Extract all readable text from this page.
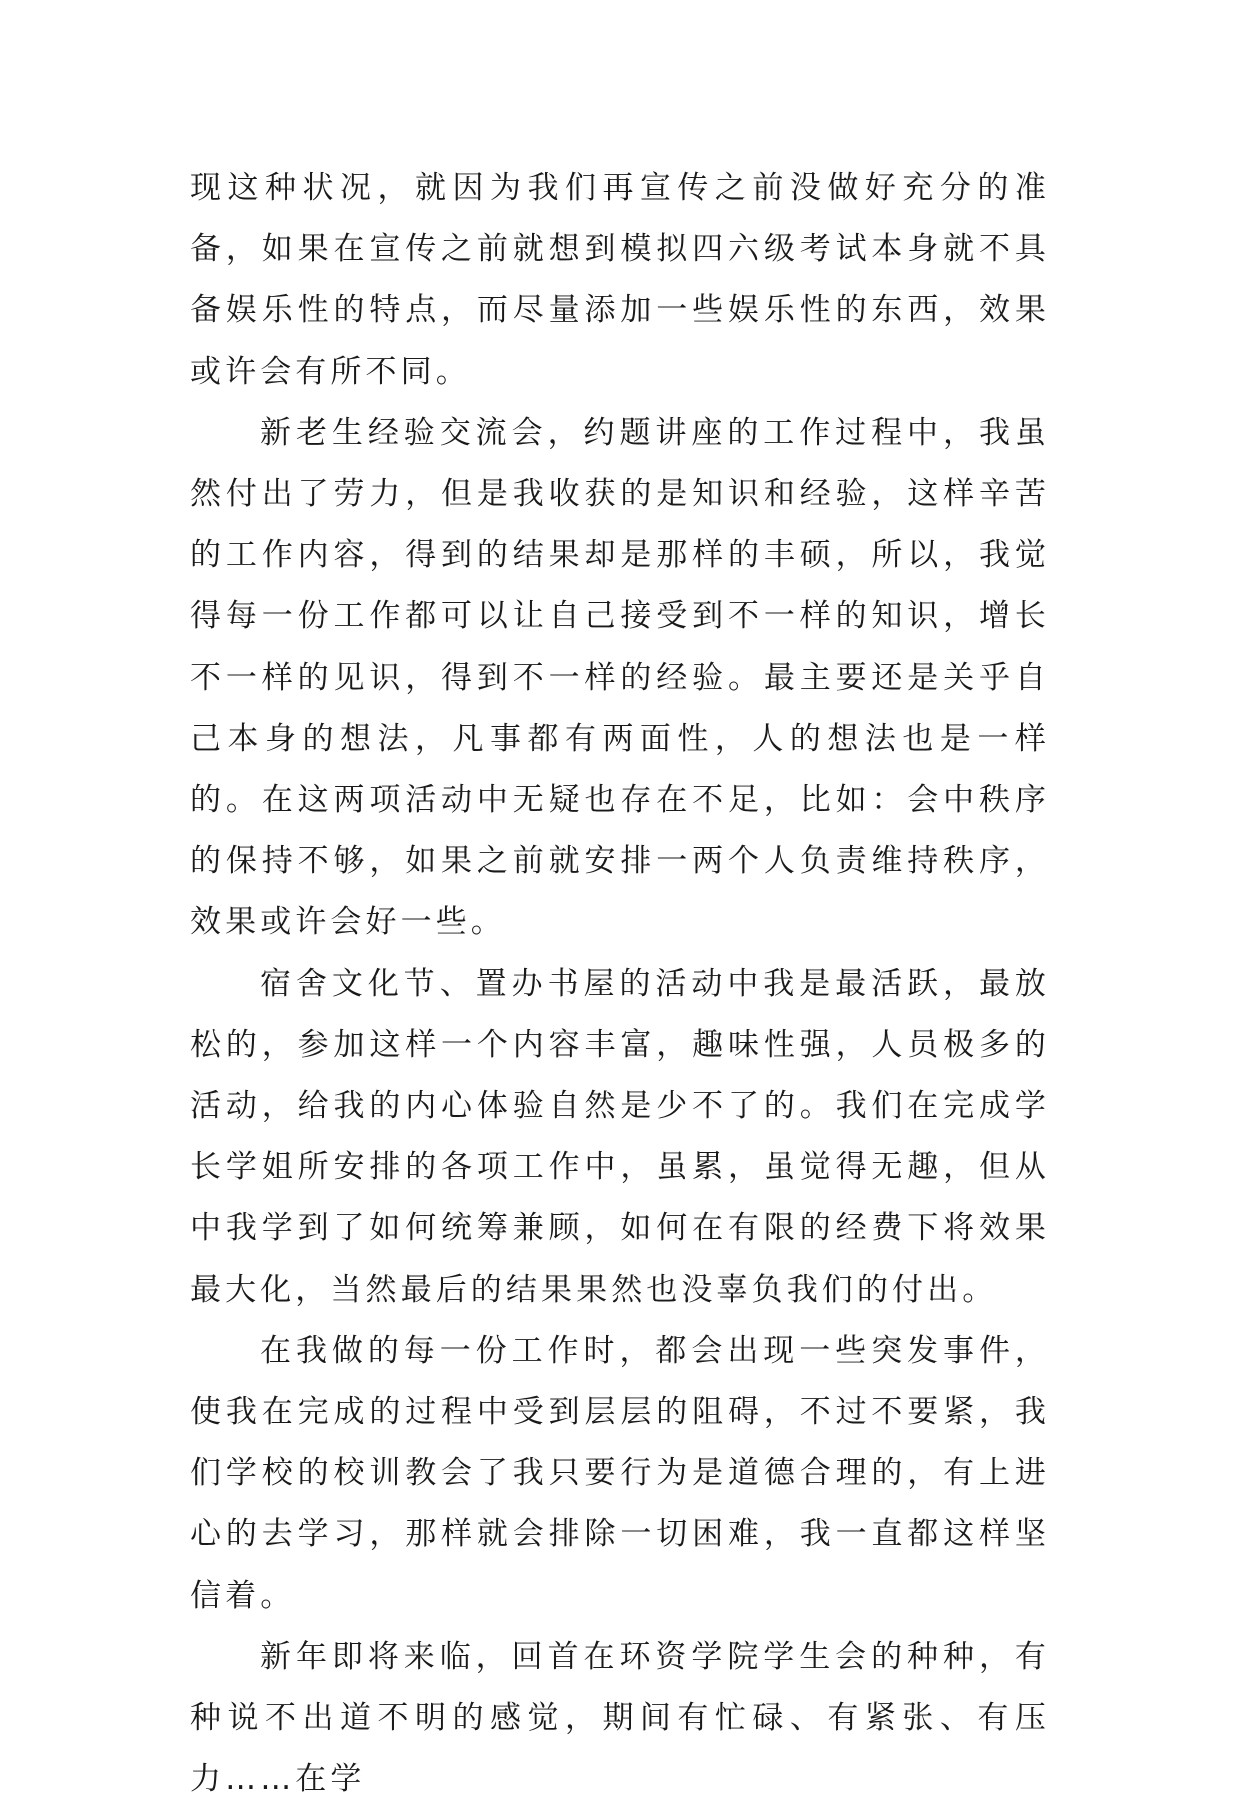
现这种状况，就因为我们再宣传之前没做好充分的准备，如果在宣传之前就想到模拟四六级考试本身就不具备娱乐性的特点，而尽量添加一些娱乐性的东西，效果或许会有所不同。

新老生经验交流会，约题讲座的工作过程中，我虽然付出了劳力，但是我收获的是知识和经验，这样辛苦的工作内容，得到的结果却是那样的丰硕，所以，我觉得每一份工作都可以让自己接受到不一样的知识，增长不一样的见识，得到不一样的经验。最主要还是关乎自己本身的想法，凡事都有两面性，人的想法也是一样的。在这两项活动中无疑也存在不足，比如：会中秩序的保持不够，如果之前就安排一两个人负责维持秩序，效果或许会好一些。

宿舍文化节、置办书屋的活动中我是最活跃，最放松的，参加这样一个内容丰富，趣味性强，人员极多的活动，给我的内心体验自然是少不了的。我们在完成学长学姐所安排的各项工作中，虽累，虽觉得无趣，但从中我学到了如何统筹兼顾，如何在有限的经费下将效果最大化，当然最后的结果果然也没辜负我们的付出。

在我做的每一份工作时，都会出现一些突发事件，使我在完成的过程中受到层层的阻碍，不过不要紧，我们学校的校训教会了我只要行为是道德合理的，有上进心的去学习，那样就会排除一切困难，我一直都这样坚信着。

新年即将来临，回首在环资学院学生会的种种，有种说不出道不明的感觉，期间有忙碌、有紧张、有压力……在学
